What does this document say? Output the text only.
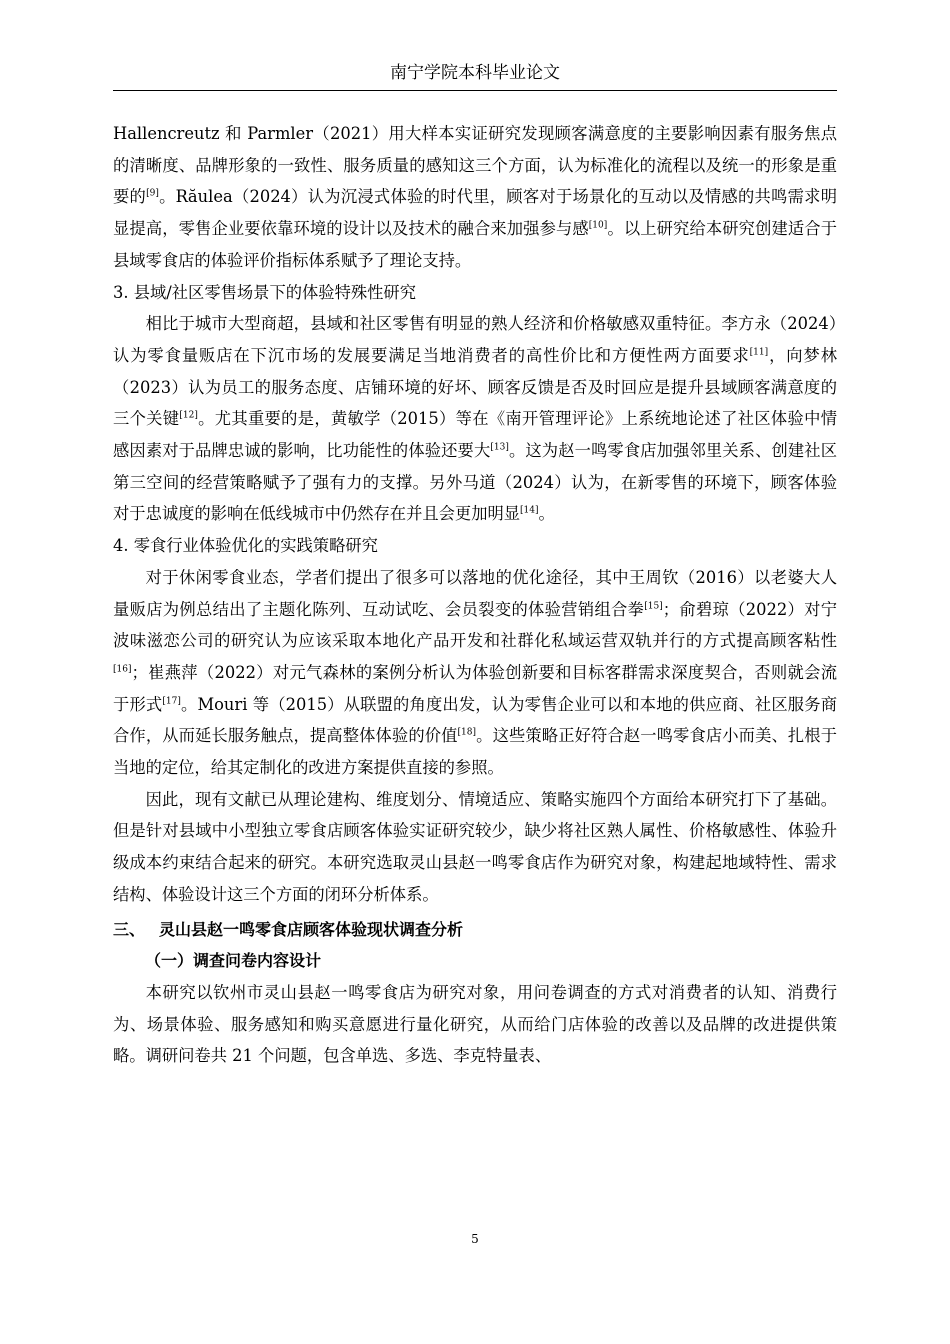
南宁学院本科毕业论文

Hallencreutz 和 Parmler（2021）用大样本实证研究发现顾客满意度的主要影响因素有服务焦点的清晰度、品牌形象的一致性、服务质量的感知这三个方面，认为标准化的流程以及统一的形象是重要的[9]。Răulea（2024）认为沉浸式体验的时代里，顾客对于场景化的互动以及情感的共鸣需求明显提高，零售企业要依靠环境的设计以及技术的融合来加强参与感[10]。以上研究给本研究创建适合于县域零食店的体验评价指标体系赋予了理论支持。

3. 县域/社区零售场景下的体验特殊性研究

相比于城市大型商超，县域和社区零售有明显的熟人经济和价格敏感双重特征。李方永（2024）认为零食量贩店在下沉市场的发展要满足当地消费者的高性价比和方便性两方面要求[11]，向梦林（2023）认为员工的服务态度、店铺环境的好坏、顾客反馈是否及时回应是提升县域顾客满意度的三个关键[12]。尤其重要的是，黄敏学（2015）等在《南开管理评论》上系统地论述了社区体验中情感因素对于品牌忠诚的影响，比功能性的体验还要大[13]。这为赵一鸣零食店加强邻里关系、创建社区第三空间的经营策略赋予了强有力的支撑。另外马道（2024）认为，在新零售的环境下，顾客体验对于忠诚度的影响在低线城市中仍然存在并且会更加明显[14]。

4. 零食行业体验优化的实践策略研究

对于休闲零食业态，学者们提出了很多可以落地的优化途径，其中王周钦（2016）以老婆大人量贩店为例总结出了主题化陈列、互动试吃、会员裂变的体验营销组合拳[15]；俞碧琼（2022）对宁波味滋恋公司的研究认为应该采取本地化产品开发和社群化私域运营双轨并行的方式提高顾客粘性[16]；崔燕萍（2022）对元气森林的案例分析认为体验创新要和目标客群需求深度契合，否则就会流于形式[17]。Mouri 等（2015）从联盟的角度出发，认为零售企业可以和本地的供应商、社区服务商合作，从而延长服务触点，提高整体体验的价值[18]。这些策略正好符合赵一鸣零食店小而美、扎根于当地的定位，给其定制化的改进方案提供直接的参照。

因此，现有文献已从理论建构、维度划分、情境适应、策略实施四个方面给本研究打下了基础。但是针对县域中小型独立零食店顾客体验实证研究较少，缺少将社区熟人属性、价格敏感性、体验升级成本约束结合起来的研究。本研究选取灵山县赵一鸣零食店作为研究对象，构建起地域特性、需求结构、体验设计这三个方面的闭环分析体系。

三、 灵山县赵一鸣零食店顾客体验现状调查分析

（一）调查问卷内容设计

本研究以钦州市灵山县赵一鸣零食店为研究对象，用问卷调查的方式对消费者的认知、消费行为、场景体验、服务感知和购买意愿进行量化研究，从而给门店体验的改善以及品牌的改进提供策略。调研问卷共 21 个问题，包含单选、多选、李克特量表、

5
